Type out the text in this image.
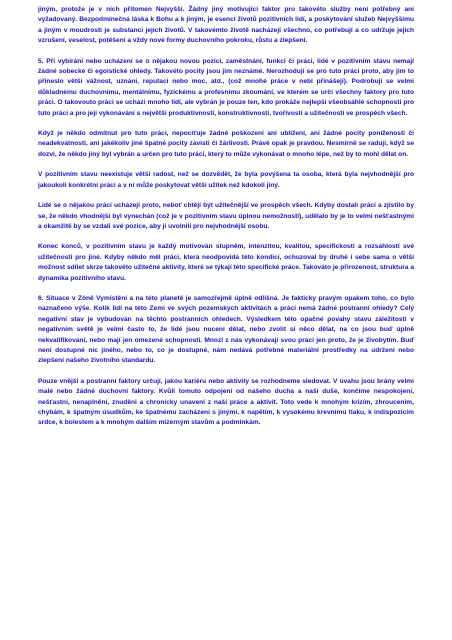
jiným, protože je v nich přítomen Nejvyšší. Žádný jiný motivující faktor pro takovéto služby není potřebný ani vyžadovaný. Bezpodmínečná láska k Bohu a k jiným, je esencí životů pozitivních lidí, a poskytování služeb Nejvyššímu a jiným v moudrosti je substancí jejich životů. V takovémto životě nacházejí všechno, co potřebují a co udržuje jejich vzrušení, veselost, potěšení a vždy nové formy duchovního pokroku, růstu a zlepšení.

5. Při vybírání nebo ucházení se o nějakou novou pozici, zaměstnání, funkci či práci, lidé v pozitivním stavu nemají žádné sobecké či egoistické ohledy. Takovéto pocity jsou jim neznámé. Nerozhodují se pro tuto práci proto, aby jim to přineslo větší vážnost, uznání, reputaci nebo moc, atd., (což mnohé práce v nebi přinášejí). Podrobují se velmi důkladnému duchovnímu, mentálnímu, fyzickému a profesnímu zkoumání, ve kterém se určí všechny faktory pro tuto práci. O takovouto práci se ucházi mnoho lidí, ale vybrán je pouze ten, kdo prokáže nejlepší všeobsáhlé schopnosti pro tuto práci a pro její vykonávání s největší produktivností, konstruktivností, tvořivostí a užitečností ve prospěch všech.

Když je někdo odmítnut pro tuto práci, nepociťuje žádné poškození ani ublížení, ani žádné pocity poníženosti či neadekvátnosti, ani jakékoliv jiné špatné pocity závisti či žárlivosti. Právě opak je pravdou. Nesmírně se raduji, když se dozví, že někdo jiný byl vybrán a určen pro tuto práci, který to může vykonávat o mnoho lépe, než by to mohl dělat on.

V pozitivním stavu neexistuje větší radost, než se dozvědět, že byla povýšena ta osoba, která byla nejvhodnější pro jakoukoli konkrétní práci a v ní může poskytovat větší užitek než kdokoli jiný.

Lidé se o nějakou práci ucházejí proto, neboť chtějí být užitečnější ve prospěch všech. Kdyby dostali práci a zjistilo by se, že někdo vhodnější byl vynechán (což je v pozitivním stavu úplnou nemožností), udělalo by je to velmi nešťastnými a okamžitě by se vzdali své pozice, aby ji uvolnili pro nejvhodnější osobu.

Konec konců, v pozitivním stavu je každý motivován stupněm, intenzitou, kvalitou, specifickostí a rozsáhlostí své užitečnosti pro jiné. Kdyby někdo měl práci, která neodpovídá této kondici, ochuzoval by druhé i sebe sama o větší možnost sdílet skrze takovéto užitečné aktivity, které se týkají této specifické práce. Takováto je přirozenost, struktura a dynamika pozitivního stavu.

6. Situace v Zóně Vymístění a na této planetě je samozřejmě úplně odlišná. Je fakticky pravým opakem toho, co bylo naznačeno výše. Kolik lidí na této Zemi ve svých pozemských aktivitách a prácí nemá žádné postranní ohledy? Celý negativní stav je vybudován na těchto postranních ohledech. Výsledkem této opačné povahy stavu záležitostí v negativním světě je velmi často to, že lidé jsou nuceni dělat, nebo zvolit si něco dělat, na co jsou buď úplně nekvalifikovaní, nebo mají jen omezené schopnosti. Mnozí z nás vykonávají svou práci jen proto, že je živobytím. Buď není dostupné nic jiného, nebo to, co je dostupné, nám nedává potřebné materiální prostředky na udržení nebo zlepšení našeho životního standardu.

Pouze vnější a postranní faktory určují, jakou kariéru nebo aktivity se rozhodneme sledovat. V úvahu jsou brány velmi malé nebo žádné duchovní faktory. Kvůli tomuto odpojení od našeho ducha a naší duše, končíme nespokojení, nešťastní, nenaplnění, znuděni a chronicky unavení z naší práce a aktivit. Toto vede k mnohým krizím, zhroucením, chybám, k špatným úsudkům, ke špatnému zacházení s jinými, k napětím, k vysokému krevnímu tlaku, k indispozicím srdce, k bolestem a k mnohým dalším mizerným stavům a podmínkám.
